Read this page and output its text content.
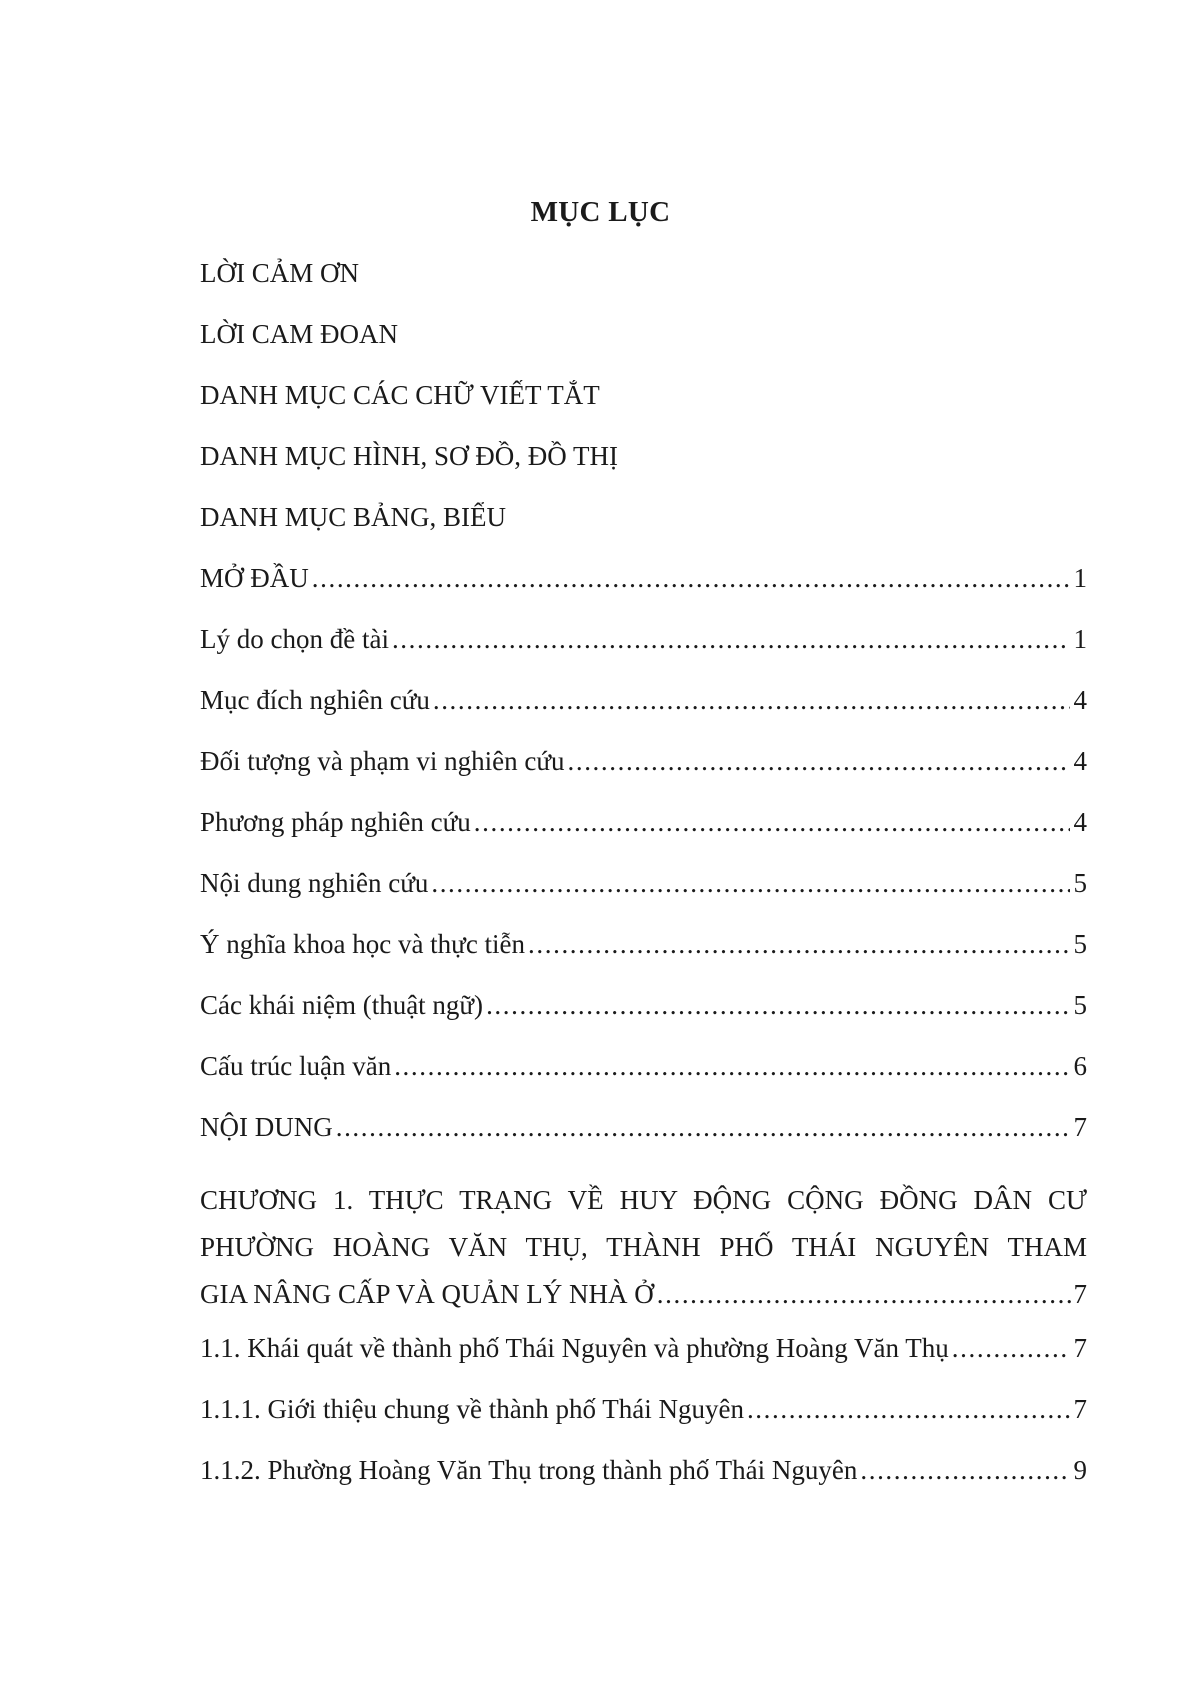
MỤC LỤC
LỜI CẢM ƠN
LỜI CAM ĐOAN
DANH MỤC CÁC CHỮ VIẾT TẮT
DANH MỤC HÌNH, SƠ ĐỒ, ĐỒ THỊ
DANH MỤC BẢNG, BIỂU
MỞ ĐẦU .....	1
Lý do chọn đề tài .....	1
Mục đích nghiên cứu .....	4
Đối tượng và phạm vi nghiên cứu .....	4
Phương pháp nghiên cứu .....	4
Nội dung nghiên cứu .....	5
Ý nghĩa khoa học và thực tiễn .....	5
Các khái niệm (thuật ngữ) .....	5
Cấu trúc luận văn .....	6
NỘI DUNG .....	7
CHƯƠNG 1. THỰC TRẠNG VỀ HUY ĐỘNG CỘNG ĐỒNG DÂN CƯ
PHƯỜNG HOÀNG VĂN THỤ, THÀNH PHỐ THÁI NGUYÊN THAM
GIA NÂNG CẤP VÀ QUẢN LÝ NHÀ Ở .....	7
1.1. Khái quát về thành phố Thái Nguyên và phường Hoàng Văn Thụ .....	7
1.1.1. Giới thiệu chung về thành phố Thái Nguyên .....	7
1.1.2. Phường Hoàng Văn Thụ trong thành phố Thái Nguyên .....	9
